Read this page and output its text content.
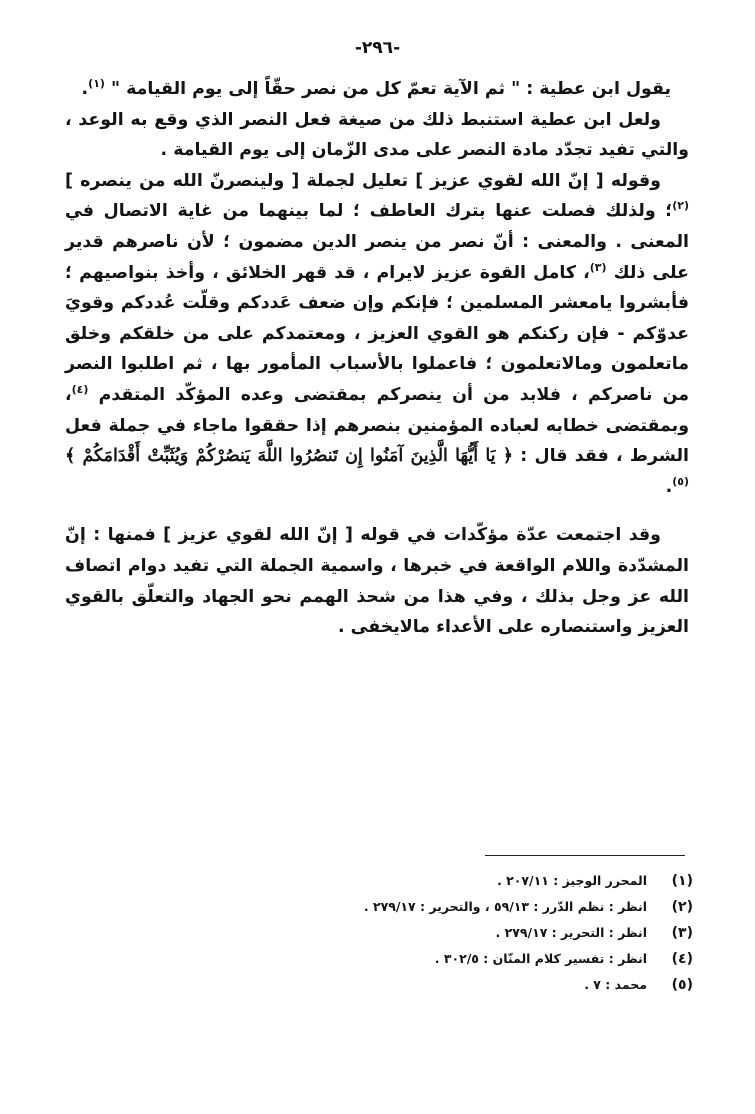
-٢٩٦-

يقول ابن عطية : " ثم الآية تعمّ كل من نصر حقّاً إلى يوم القيامة " $^{(١)}$.

ولعل ابن عطية استنبط ذلك من صيغة فعل النصر الذي وقع به الوعد ، والتي تفيد تجدّد مادة النصر على مدى الزّمان إلى يوم القيامة .

وقوله [ إنّ الله لقوي عزيز ] تعليل لجملة [ ولينصرنّ الله من ينصره ] $^{(٢)}$؛ ولذلك فصلت عنها بترك العاطف ؛ لما بينهما من غاية الاتصال في المعنى . والمعنى : أنّ نصر من ينصر الدين مضمون ؛ لأن ناصرهم قدير على ذلك $^{(٣)}$، كامل القوة عزيز لايرام ، قد قهر الخلائق ، وأخذ بنواصيهم ؛ فأبشروا يامعشر المسلمين ؛ فإنكم وإن ضعف عَددكم وقلّت عُددكم وقويَ عدوّكم - فإن ركنكم هو القوي العزيز ، ومعتمدكم على من خلقكم وخلق ماتعلمون ومالاتعلمون ؛ فاعملوا بالأسباب المأمور بها ، ثم اطلبوا النصر من ناصركم ، فلابد من أن ينصركم بمقتضى وعده المؤكّد المتقدم $^{(٤)}$، وبمقتضى خطابه لعباده المؤمنين بنصرهم إذا حققوا ماجاء في جملة فعل الشرط ، فقد قال : ﴿ يَا أَيُّهَا الَّذِينَ آمَنُوا إِن تَنصُرُوا اللَّهَ يَنصُرْكُمْ وَيُثَبِّتْ أَقْدَامَكُمْ ﴾ $^{(٥)}$.

وقد اجتمعت عدّة مؤكّدات في قوله [ إنّ الله لقوي عزيز ] فمنها : إنّ المشدّدة واللام الواقعة في خبرها ، واسمية الجملة التي تفيد دوام اتصاف الله عز وجل بذلك ، وفي هذا من شحذ الهمم نحو الجهاد والتعلّق بالقوي العزيز واستنصاره على الأعداء مالايخفى .

(١)
المحرر الوجيز : ٢٠٧/١١ .
(٢)
انظر : نظم الدّرر : ٥٩/١٣ ، والتحرير : ٢٧٩/١٧ .
(٣)
انظر : التحرير : ٢٧٩/١٧ .
(٤)
انظر : تفسير كلام المنّان : ٣٠٢/٥ .
(٥)
محمد : ٧ .
